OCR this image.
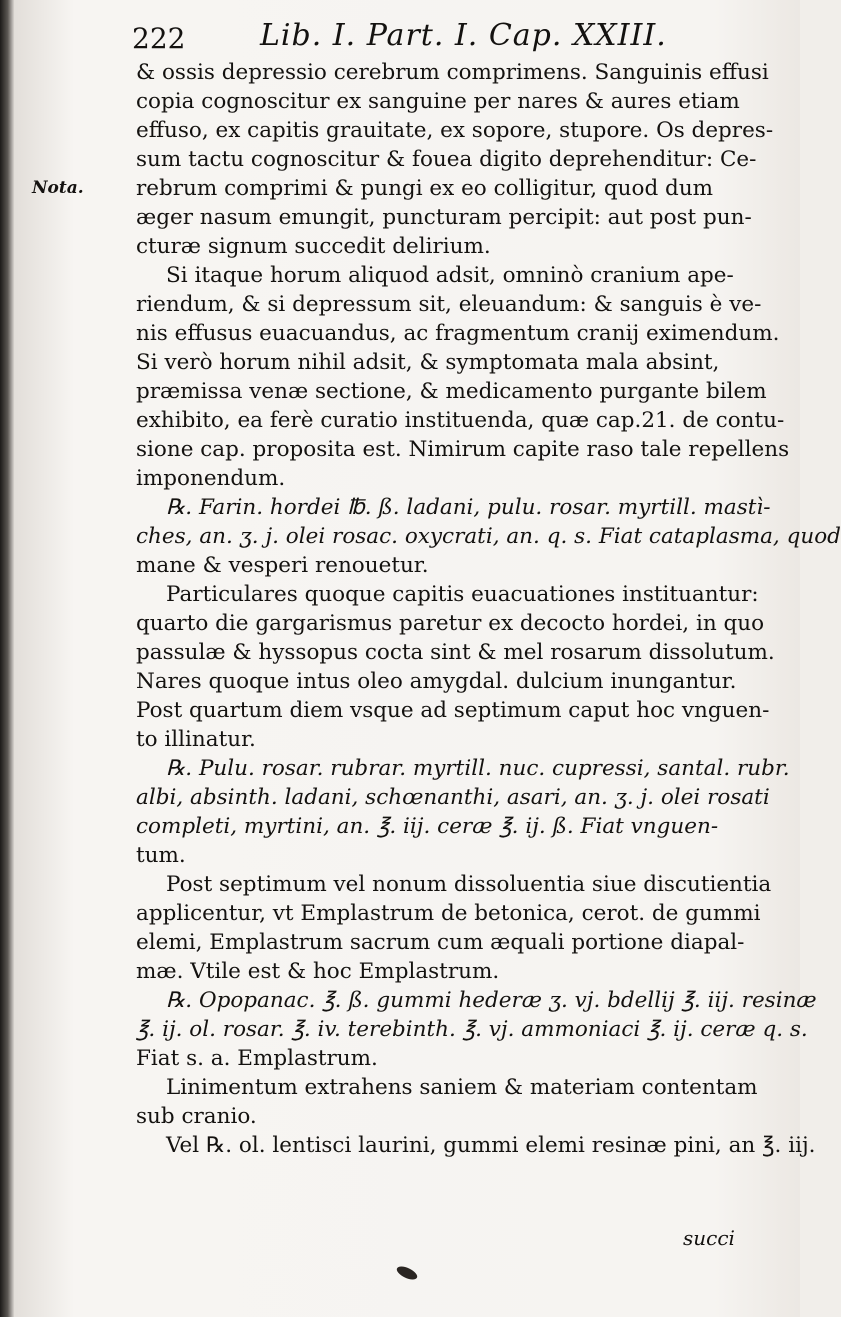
222 Lib. I. Part. I. Cap. XXIII.
Nota.
& ossis depressio cerebrum comprimens. Sanguinis effusi
copia cognoscitur ex sanguine per nares & aures etiam
effuso, ex capitis grauitate, ex sopore, stupore. Os depres-
sum tactu cognoscitur & fouea digito deprehenditur: Ce-
rebrum comprimi & pungi ex eo colligitur, quod dum
æger nasum emungit, puncturam percipit: aut post pun-
cturæ signum succedit delirium.
Si itaque horum aliquod adsit, omninò cranium ape-
riendum, & si depressum sit, eleuandum: & sanguis è ve-
nis effusus euacuandus, ac fragmentum cranij eximendum.
Si verò horum nihil adsit, & symptomata mala absint,
præmissa venæ sectione, & medicamento purgante bilem
exhibito, ea ferè curatio instituenda, quæ cap.21. de contu-
sione cap. proposita est. Nimirum capite raso tale repellens
imponendum.
℞. Farin. hordei ℔. ß. ladani, pulu. rosar. myrtill. mastì-
ches, an. ʒ. j. olei rosac. oxycrati, an. q. s. Fiat cataplasma, quod
mane & vesperi renouetur.
Particulares quoque capitis euacuationes instituantur:
quarto die gargarismus paretur ex decocto hordei, in quo
passulæ & hyssopus cocta sint & mel rosarum dissolutum.
Nares quoque intus oleo amygdal. dulcium inungantur.
Post quartum diem vsque ad septimum caput hoc vnguen-
to illinatur.
℞. Pulu. rosar. rubrar. myrtill. nuc. cupressi, santal. rubr.
albi, absinth. ladani, schœnanthi, asari, an. ʒ. j. olei rosati
completi, myrtini, an. ℥. iij. ceræ ℥. ij. ß. Fiat vnguen-
tum.
Post septimum vel nonum dissoluentia siue discutientia
applicentur, vt Emplastrum de betonica, cerot. de gummi
elemi, Emplastrum sacrum cum æquali portione diapal-
mæ. Vtile est & hoc Emplastrum.
℞. Opopanac. ℥. ß. gummi hederæ ʒ. vj. bdellij ℥. iij. resinæ
℥. ij. ol. rosar. ℥. iv. terebinth. ℥. vj. ammoniaci ℥. ij. ceræ q. s.
Fiat s. a. Emplastrum.
Linimentum extrahens saniem & materiam contentam
sub cranio.
Vel ℞. ol. lentisci laurini, gummi elemi resinæ pini, an ℥. iij.
succi
